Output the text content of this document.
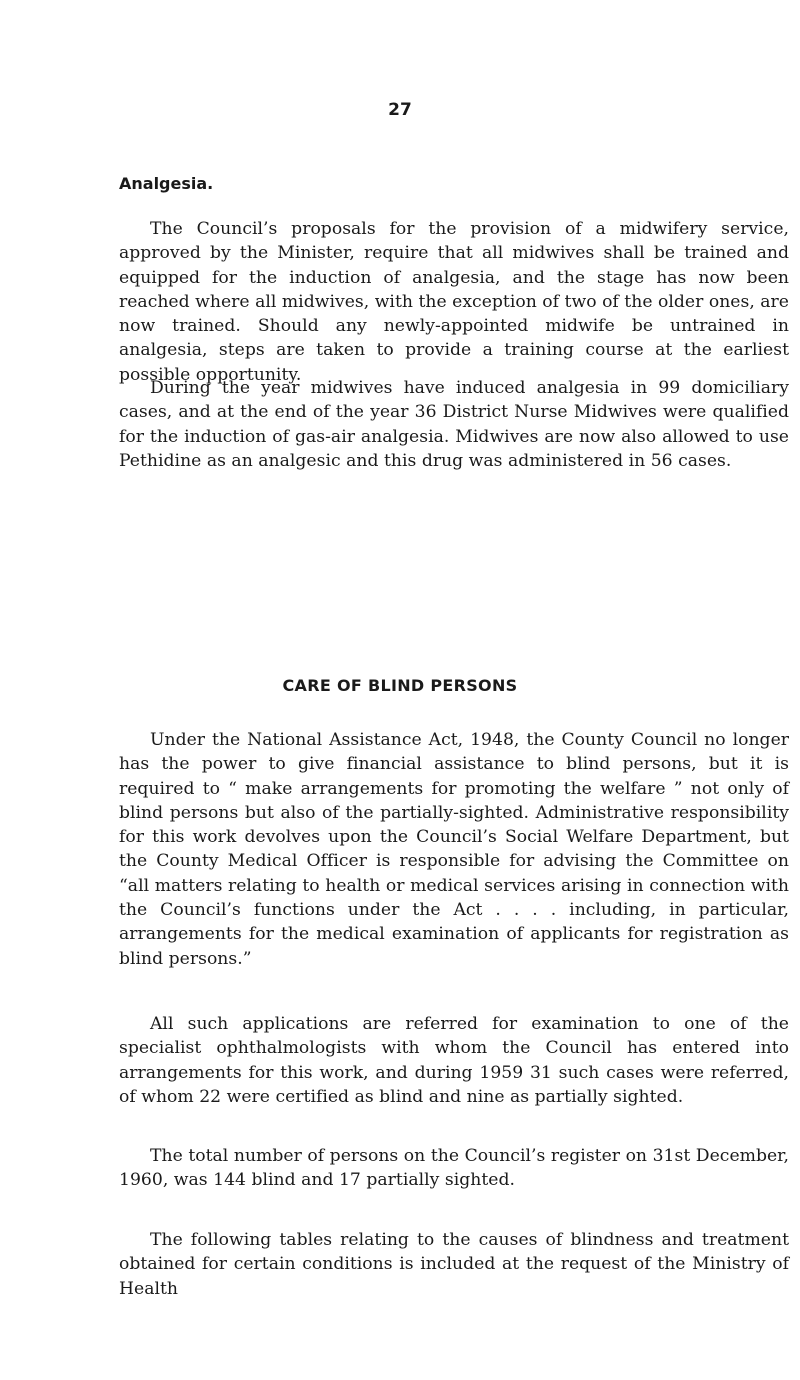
27
Analgesia.

The Council’s proposals for the provision of a midwifery service, approved by the Minister, require that all midwives shall be trained and equipped for the induction of analgesia, and the stage has now been reached where all midwives, with the exception of two of the older ones, are now trained. Should any newly-appointed midwife be untrained in analgesia, steps are taken to provide a training course at the earliest possible opportunity.

During the year midwives have induced analgesia in 99 domiciliary cases, and at the end of the year 36 District Nurse Midwives were qualified for the induction of gas-air analgesia. Midwives are now also allowed to use Pethidine as an analgesic and this drug was administered in 56 cases.

CARE OF BLIND PERSONS

Under the National Assistance Act, 1948, the County Council no longer has the power to give financial assistance to blind persons, but it is required to “ make arrangements for promoting the welfare ” not only of blind persons but also of the partially-sighted. Administrative responsibility for this work devolves upon the Council’s Social Welfare Department, but the County Medical Officer is responsible for advising the Committee on “all matters relating to health or medical services arising in connection with the Council’s functions under the Act . . . . including, in particular, arrangements for the medical examination of applicants for registration as blind persons.”

All such applications are referred for examination to one of the specialist ophthalmologists with whom the Council has entered into arrangements for this work, and during 1959 31 such cases were referred, of whom 22 were certified as blind and nine as partially sighted.

The total number of persons on the Council’s register on 31st December, 1960, was 144 blind and 17 partially sighted.

The following tables relating to the causes of blindness and treatment obtained for certain conditions is included at the request of the Ministry of Health
